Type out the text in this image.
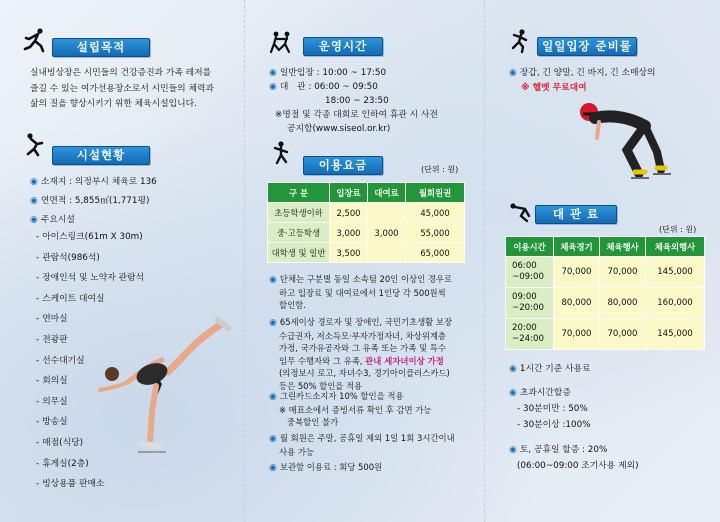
설립목적
실내빙상장은 시민들의 건강증진과 가족 레저를
즐길 수 있는 여가선용장소로서 시민들의 체력과
삶의 질을 향상시키기 위한 체육시설입니다.
시설현황
◉ 소재지 : 의정부시 체육로 136
◉ 연면적 : 5,855㎡(1,771평)
◉ 주요시설
- 아이스링크(61m X 30m)
- 관람석(986석)
- 장애인석 및 노약자 관람석
- 스케이트 대여실
- 연마실
- 전광판
- 선수대기실
- 회의실
- 의무실
- 방송실
- 매점(식당)
- 휴게실(2층)
- 빙상용품 판매소
운영시간
◉ 일반입장 : 10:00 ~ 17:50
◉ 대　관 : 06:00 ~ 09:50
18:00 ~ 23:50
※명절 및 각종 대회로 인하여 휴관 시 사전
공지함(www.siseol.or.kr)
이용요금	(단위 : 원)
구 분	입장료	대여료	월회원권
초등학생이하	2,500	3,000	45,000
중·고등학생	3,000		55,000
대학생 및 일반	3,500		65,000
◉ 단체는 구분별 동일 소속팀 20인 이상인 경우로
하고 입장료 및 대여료에서 1인당 각 500원씩
할인함.
◉ 65세이상 경로자 및 장애인, 국민기초생활 보장
수급권자, 저소득모·부자가정자녀, 차상위계층
가정, 국가유공자와 그 유족 또는 가족 및 특수
임무 수행자와 그 유족, 관내 세자녀이상 가정
(의정보시 로고, 자녀수3, 경기아이플러스카드)
등은 50% 할인을 적용
◉ 그린카드소지자 10% 할인을 적용
※ 매표소에서 증빙서류 확인 후 감면 가능
중복할인 불가
◉ 월 회원은 주말, 공휴일 제외 1일 1회 3시간이내
사용 가능
◉ 보관함 이용료 : 회당 500원
일일입장 준비물
◉ 장갑, 긴 양말, 긴 바지, 긴 소매상의
※ 헬멧 무료대여
대 관 료
(단위 : 원)
이용시간	체육경기	체육행사	체육외행사

06:00
~09:00	70,000	70,000	145,000

09:00
~20:00	80,000	80,000	160,000

20:00
~24:00	70,000	70,000	145,000
◉ 1시간 기준 사용료
◉ 초과시간할증
- 30분미만 : 50%
- 30분이상 :100%
◉ 토, 공휴일 할증 : 20%
(06:00~09:00 조기사용 제외)
